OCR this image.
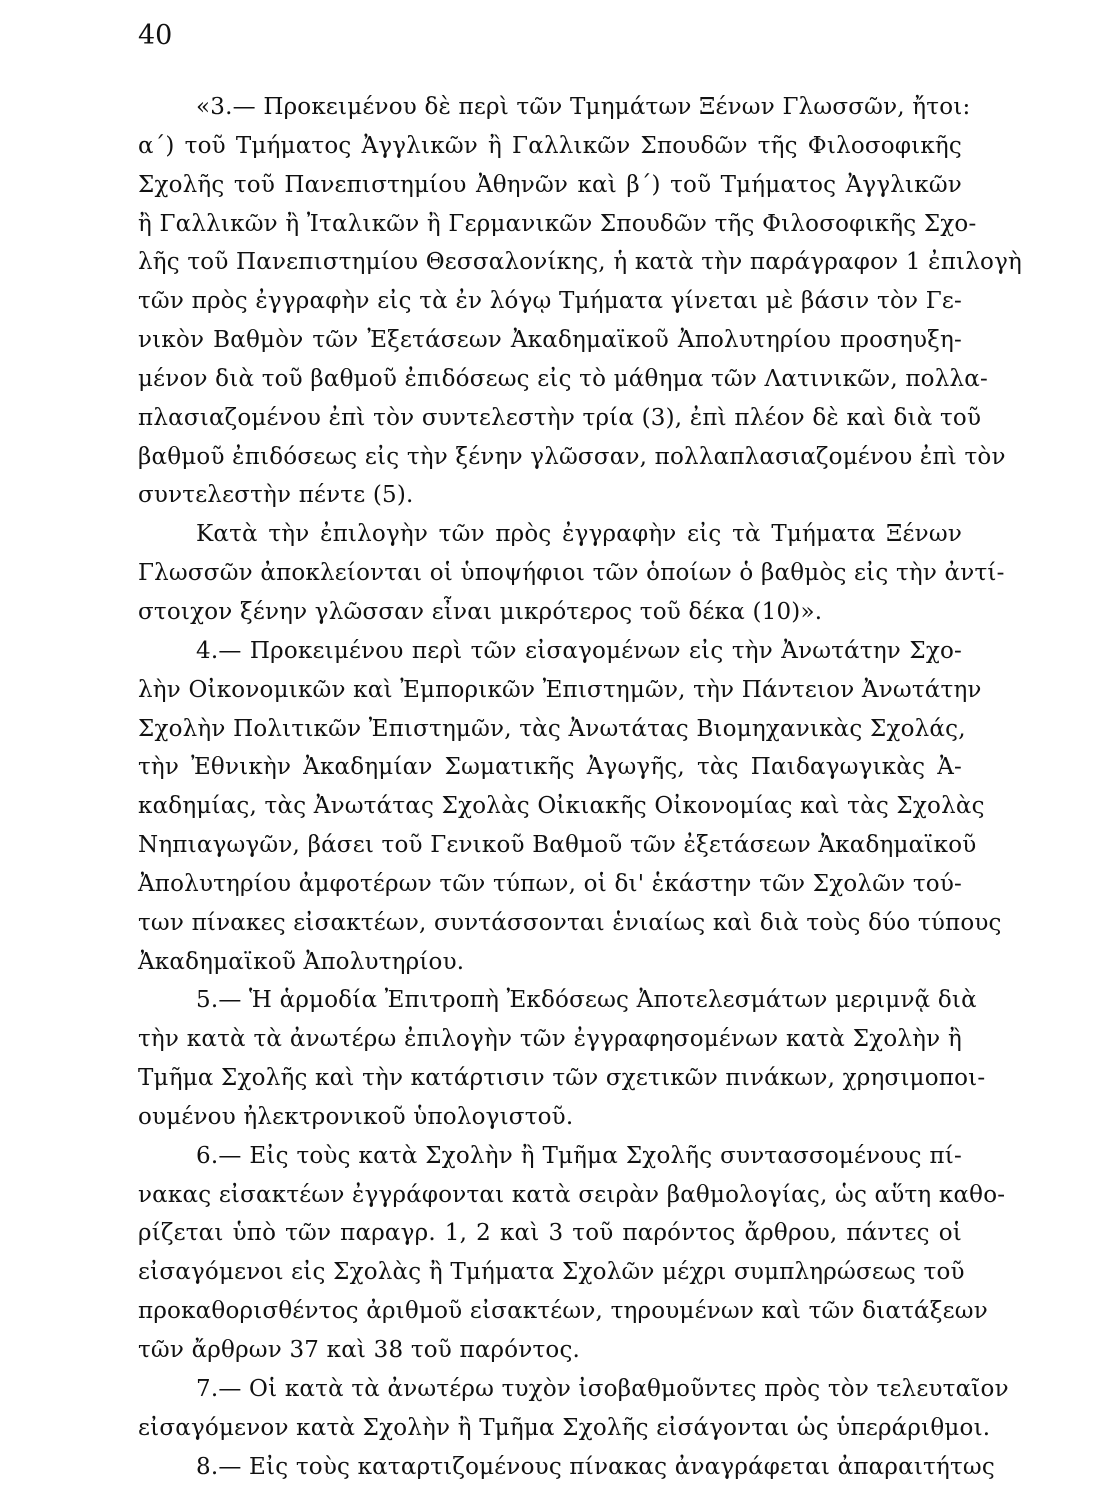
40
«3.— Προκειμένου δὲ περὶ τῶν Τμημάτων Ξένων Γλωσσῶν, ἤτοι:
α΄) τοῦ Τμήματος Ἀγγλικῶν ἢ Γαλλικῶν Σπουδῶν τῆς Φιλοσοφικῆς
Σχολῆς τοῦ Πανεπιστημίου Ἀθηνῶν καὶ β΄) τοῦ Τμήματος Ἀγγλικῶν
ἢ Γαλλικῶν ἢ Ἰταλικῶν ἢ Γερμανικῶν Σπουδῶν τῆς Φιλοσοφικῆς Σχο-
λῆς τοῦ Πανεπιστημίου Θεσσαλονίκης, ἡ κατὰ τὴν παράγραφον 1 ἐπιλογὴ
τῶν πρὸς ἐγγραφὴν εἰς τὰ ἐν λόγῳ Τμήματα γίνεται μὲ βάσιν τὸν Γε-
νικὸν Βαθμὸν τῶν Ἐξετάσεων Ἀκαδημαϊκοῦ Ἀπολυτηρίου προσηυξη-
μένον διὰ τοῦ βαθμοῦ ἐπιδόσεως εἰς τὸ μάθημα τῶν Λατινικῶν, πολλα-
πλασιαζομένου ἐπὶ τὸν συντελεστὴν τρία (3), ἐπὶ πλέον δὲ καὶ διὰ τοῦ
βαθμοῦ ἐπιδόσεως εἰς τὴν ξένην γλῶσσαν, πολλαπλασιαζομένου ἐπὶ τὸν
συντελεστὴν πέντε (5).
Κατὰ τὴν ἐπιλογὴν τῶν πρὸς ἐγγραφὴν εἰς τὰ Τμήματα Ξένων
Γλωσσῶν ἀποκλείονται οἱ ὑποψήφιοι τῶν ὁποίων ὁ βαθμὸς εἰς τὴν ἀντί-
στοιχον ξένην γλῶσσαν εἶναι μικρότερος τοῦ δέκα (10)».
4.— Προκειμένου περὶ τῶν εἰσαγομένων εἰς τὴν Ἀνωτάτην Σχο-
λὴν Οἰκονομικῶν καὶ Ἐμπορικῶν Ἐπιστημῶν, τὴν Πάντειον Ἀνωτάτην
Σχολὴν Πολιτικῶν Ἐπιστημῶν, τὰς Ἀνωτάτας Βιομηχανικὰς Σχολάς,
τὴν Ἐθνικὴν Ἀκαδημίαν Σωματικῆς Ἀγωγῆς, τὰς Παιδαγωγικὰς Ἀ-
καδημίας, τὰς Ἀνωτάτας Σχολὰς Οἰκιακῆς Οἰκονομίας καὶ τὰς Σχολὰς
Νηπιαγωγῶν, βάσει τοῦ Γενικοῦ Βαθμοῦ τῶν ἐξετάσεων Ἀκαδημαϊκοῦ
Ἀπολυτηρίου ἀμφοτέρων τῶν τύπων, οἱ δι' ἑκάστην τῶν Σχολῶν τού-
των πίνακες εἰσακτέων, συντάσσονται ἑνιαίως καὶ διὰ τοὺς δύο τύπους
Ἀκαδημαϊκοῦ Ἀπολυτηρίου.
5.— Ἡ ἁρμοδία Ἐπιτροπὴ Ἐκδόσεως Ἀποτελεσμάτων μεριμνᾷ διὰ
τὴν κατὰ τὰ ἀνωτέρω ἐπιλογὴν τῶν ἐγγραφησομένων κατὰ Σχολὴν ἢ
Τμῆμα Σχολῆς καὶ τὴν κατάρτισιν τῶν σχετικῶν πινάκων, χρησιμοποι-
ουμένου ἠλεκτρονικοῦ ὑπολογιστοῦ.
6.— Εἰς τοὺς κατὰ Σχολὴν ἢ Τμῆμα Σχολῆς συντασσομένους πί-
νακας εἰσακτέων ἐγγράφονται κατὰ σειρὰν βαθμολογίας, ὡς αὕτη καθο-
ρίζεται ὑπὸ τῶν παραγρ. 1, 2 καὶ 3 τοῦ παρόντος ἄρθρου, πάντες οἱ
εἰσαγόμενοι εἰς Σχολὰς ἢ Τμήματα Σχολῶν μέχρι συμπληρώσεως τοῦ
προκαθορισθέντος ἀριθμοῦ εἰσακτέων, τηρουμένων καὶ τῶν διατάξεων
τῶν ἄρθρων 37 καὶ 38 τοῦ παρόντος.
7.— Οἱ κατὰ τὰ ἀνωτέρω τυχὸν ἰσοβαθμοῦντες πρὸς τὸν τελευταῖον
εἰσαγόμενον κατὰ Σχολὴν ἢ Τμῆμα Σχολῆς εἰσάγονται ὡς ὑπεράριθμοι.
8.— Εἰς τοὺς καταρτιζομένους πίνακας ἀναγράφεται ἀπαραιτήτως
